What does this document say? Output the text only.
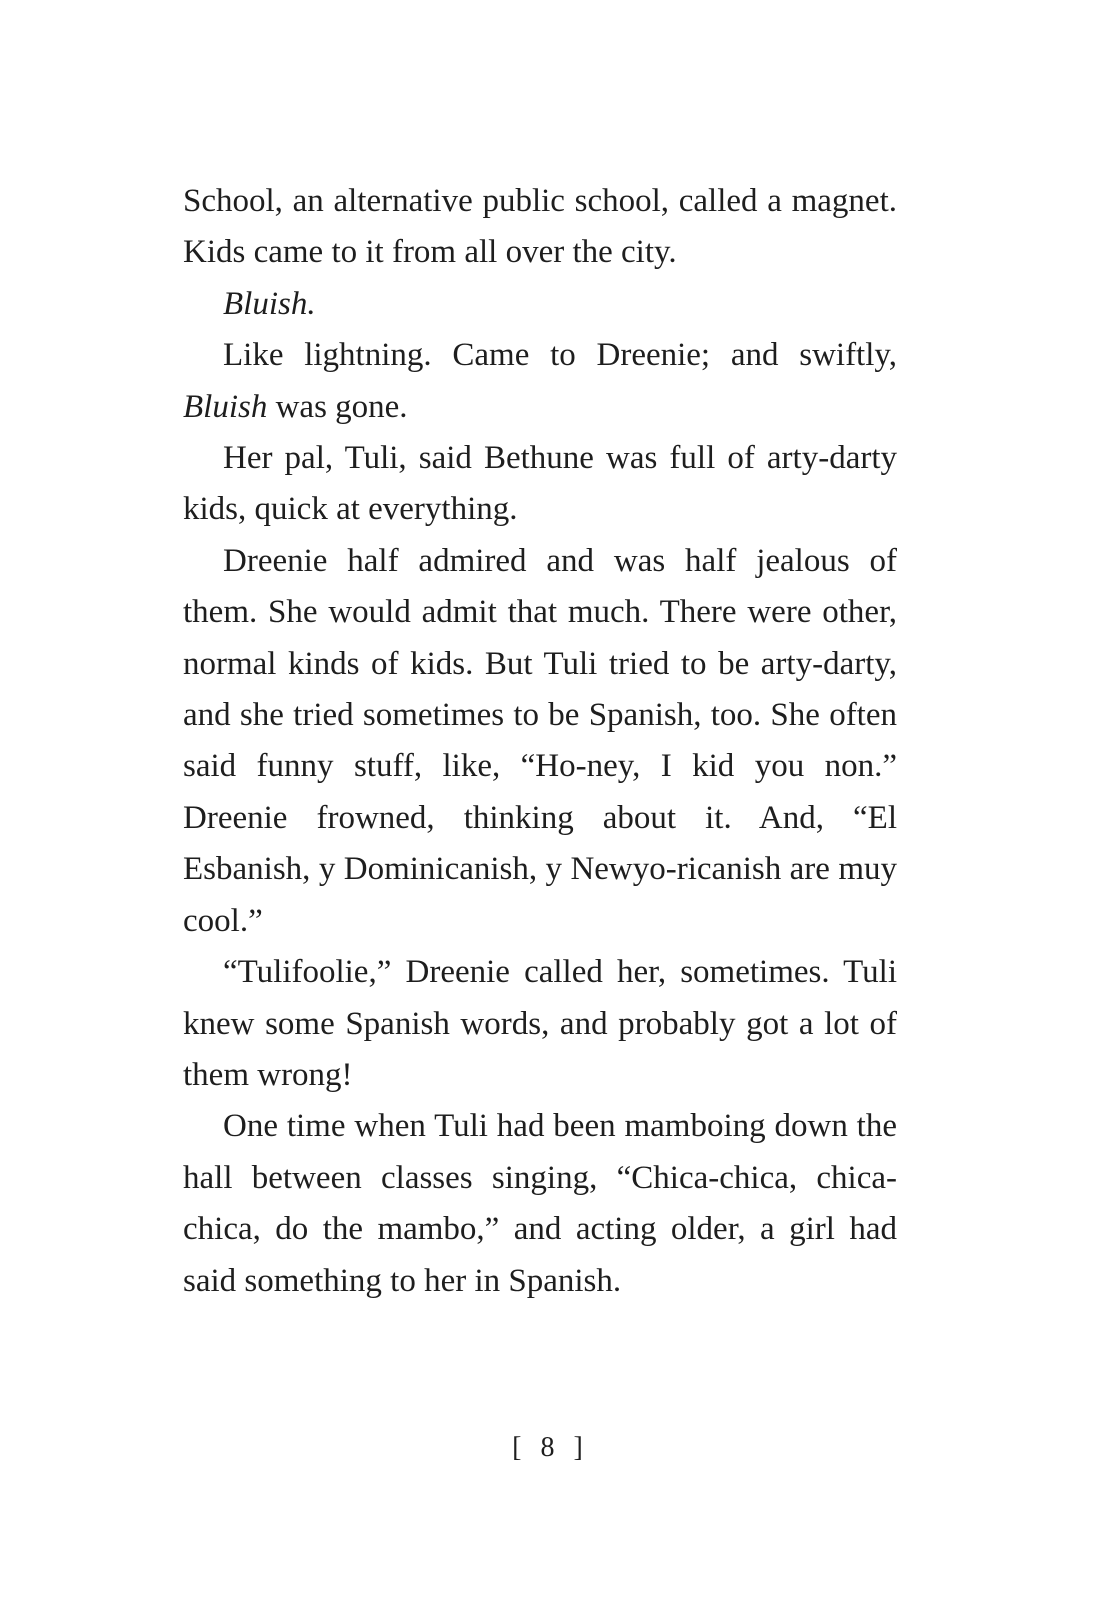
School, an alternative public school, called a magnet. Kids came to it from all over the city.

Bluish.

Like lightning. Came to Dreenie; and swiftly, Bluish was gone.

Her pal, Tuli, said Bethune was full of arty-darty kids, quick at everything.

Dreenie half admired and was half jealous of them. She would admit that much. There were other, normal kinds of kids. But Tuli tried to be arty-darty, and she tried sometimes to be Spanish, too. She often said funny stuff, like, “Ho-ney, I kid you non.” Dreenie frowned, thinking about it. And, “El Esbanish, y Dominicanish, y Newyo-ricanish are muy cool.”

“Tulifoolie,” Dreenie called her, sometimes. Tuli knew some Spanish words, and probably got a lot of them wrong!

One time when Tuli had been mamboing down the hall between classes singing, “Chica-chica, chica-chica, do the mambo,” and acting older, a girl had said something to her in Spanish.

[ 8 ]
